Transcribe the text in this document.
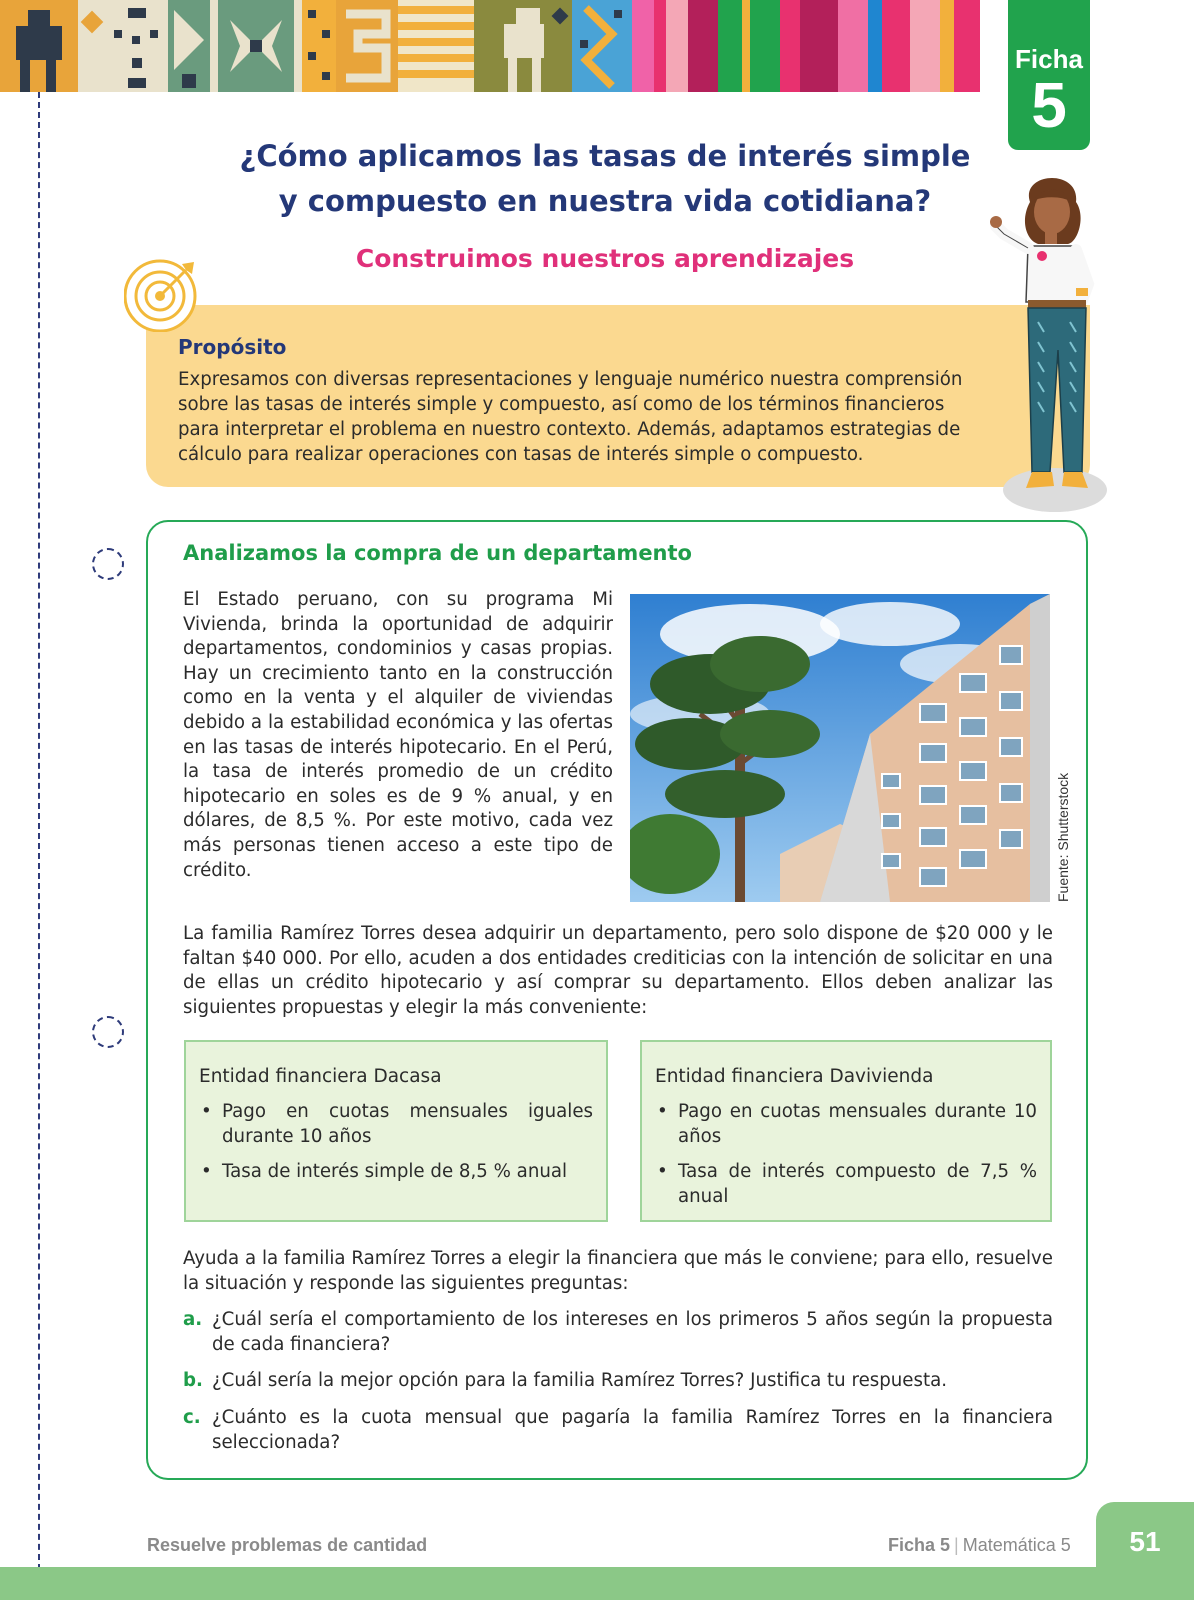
Ficha
5
¿Cómo aplicamos las tasas de interés simple
y compuesto en nuestra vida cotidiana?
Construimos nuestros aprendizajes
Propósito
Expresamos con diversas representaciones y lenguaje numérico nuestra comprensión sobre las tasas de interés simple y compuesto, así como de los términos financieros para interpretar el problema en nuestro contexto. Además, adaptamos estrategias de cálculo para realizar operaciones con tasas de interés simple o compuesto.
Analizamos la compra de un departamento
El Estado peruano, con su programa Mi Vivienda, brinda la oportunidad de adquirir departamentos, condominios y casas propias. Hay un crecimiento tanto en la construcción como en la venta y el alquiler de viviendas debido a la estabilidad económica y las ofertas en las tasas de interés hipotecario. En el Perú, la tasa de interés promedio de un crédito hipotecario en soles es de 9 % anual, y en dólares, de 8,5 %. Por este motivo, cada vez más personas tienen acceso a este tipo de crédito.	Fuente: Shutterstock
La familia Ramírez Torres desea adquirir un departamento, pero solo dispone de $20 000 y le faltan $40 000. Por ello, acuden a dos entidades crediticias con la intención de solicitar en una de ellas un crédito hipotecario y así comprar su departamento. Ellos deben analizar las siguientes propuestas y elegir la más conveniente:
Entidad financiera Dacasa
• Pago en cuotas mensuales iguales durante 10 años
• Tasa de interés simple de 8,5 % anual
Entidad financiera Davivienda
• Pago en cuotas mensuales durante 10 años
• Tasa de interés compuesto de 7,5 % anual
Ayuda a la familia Ramírez Torres a elegir la financiera que más le conviene; para ello, resuelve la situación y responde las siguientes preguntas:
a. ¿Cuál sería el comportamiento de los intereses en los primeros 5 años según la propuesta de cada financiera?
b. ¿Cuál sería la mejor opción para la familia Ramírez Torres? Justifica tu respuesta.
c. ¿Cuánto es la cuota mensual que pagaría la familia Ramírez Torres en la financiera seleccionada?
51
Resuelve problemas de cantidad	Ficha 5 | Matemática 5
